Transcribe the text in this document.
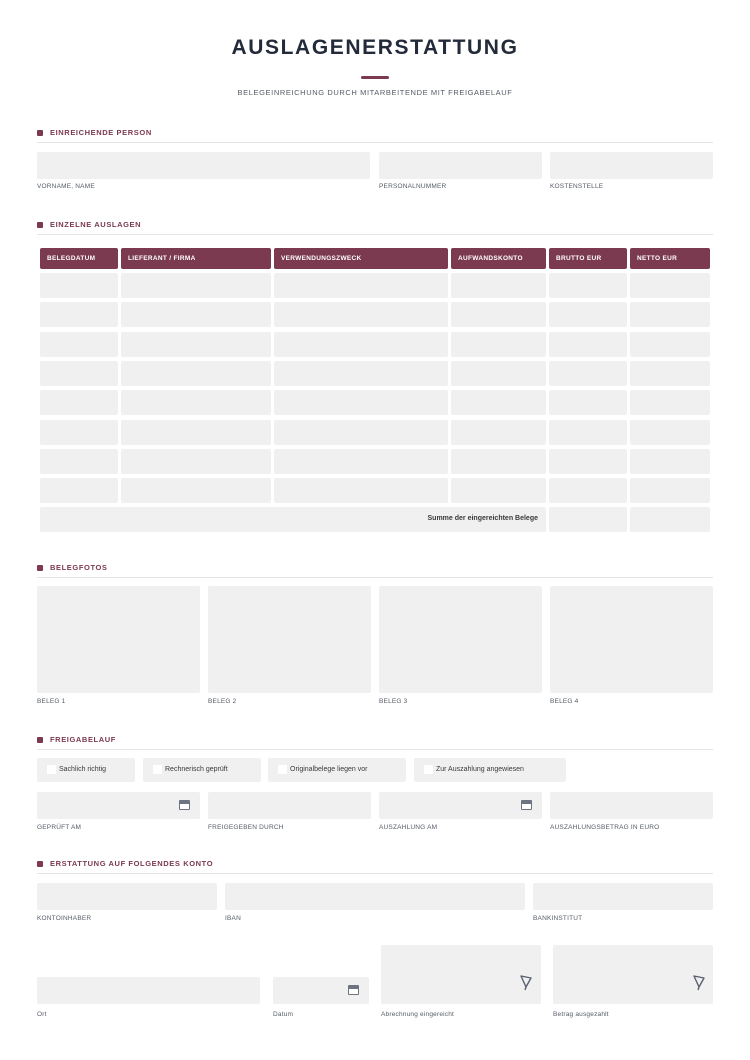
AUSLAGENERSTATTUNG
BELEGEINREICHUNG DURCH MITARBEITENDE MIT FREIGABELAUF
EINREICHENDE PERSON
VORNAME, NAME	PERSONALNUMMER	KOSTENSTELLE
EINZELNE AUSLAGEN
BELEGDATUM	LIEFERANT / FIRMA	VERWENDUNGSZWECK	AUFWANDSKONTO	BRUTTO EUR	NETTO EUR
Summe der eingereichten Belege
BELEGFOTOS
BELEG 1	BELEG 2	BELEG 3	BELEG 4
FREIGABELAUF
Sachlich richtig	Rechnerisch geprüft	Originalbelege liegen vor	Zur Auszahlung angewiesen
GEPRÜFT AM	FREIGEGEBEN DURCH	AUSZAHLUNG AM	AUSZAHLUNGSBETRAG IN EURO
ERSTATTUNG AUF FOLGENDES KONTO
KONTOINHABER	IBAN	BANKINSTITUT
Ort	Datum	Abrechnung eingereicht	Betrag ausgezahlt
